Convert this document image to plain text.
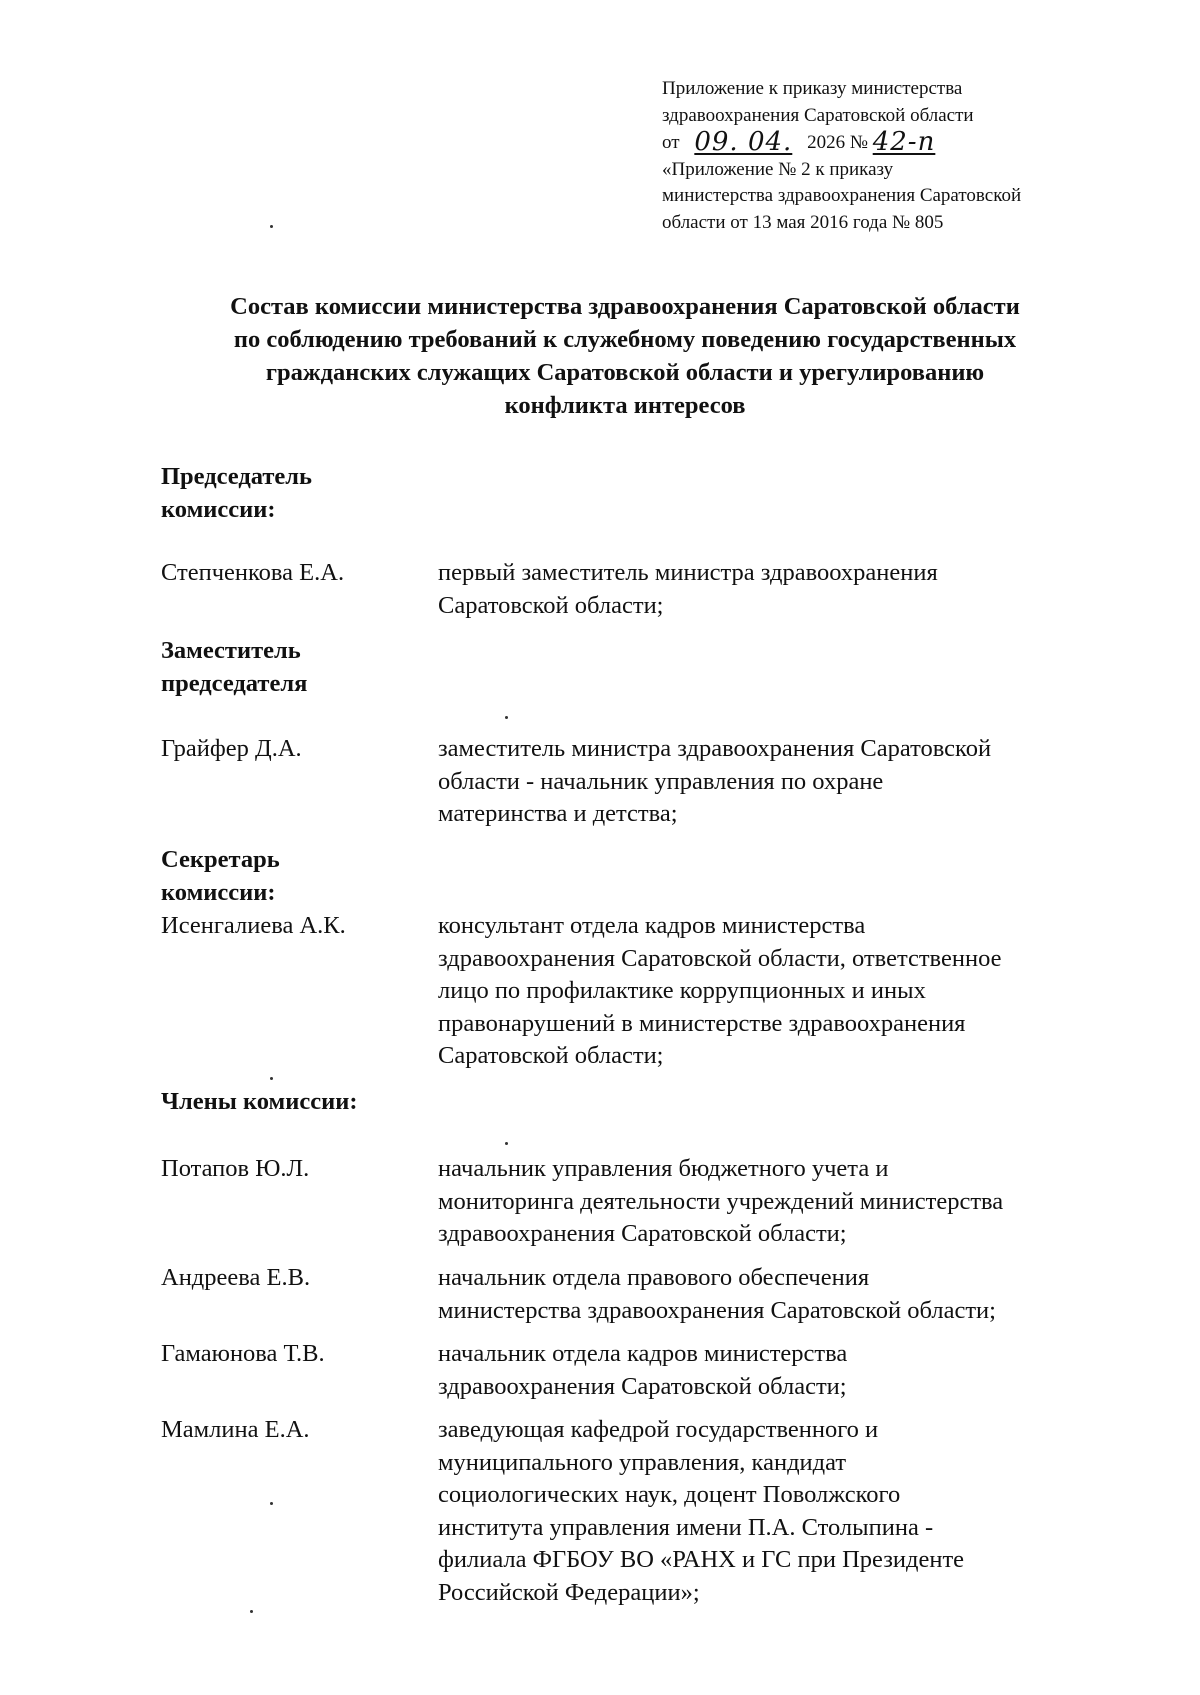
Приложение к приказу министерства
здравоохранения Саратовской области
от 09. 04. 2026 № 42-п
«Приложение № 2 к приказу
министерства здравоохранения Саратовской
области от 13 мая 2016 года № 805
Состав комиссии министерства здравоохранения Саратовской области
по соблюдению требований к служебному поведению государственных
гражданских служащих Саратовской области и урегулированию
конфликта интересов
Председатель
комиссии:
Степченкова Е.А.	первый заместитель министра здравоохранения
Саратовской области;
Заместитель
председателя
Грайфер Д.А.	заместитель министра здравоохранения Саратовской
области - начальник управления по охране
материнства и детства;
Секретарь
комиссии:
Исенгалиева А.К.	консультант отдела кадров министерства
здравоохранения Саратовской области, ответственное
лицо по профилактике коррупционных и иных
правонарушений в министерстве здравоохранения
Саратовской области;
Члены комиссии:
Потапов Ю.Л.	начальник управления бюджетного учета и
мониторинга деятельности учреждений министерства
здравоохранения Саратовской области;
Андреева Е.В.	начальник отдела правового обеспечения
министерства здравоохранения Саратовской области;
Гамаюнова Т.В.	начальник отдела кадров министерства
здравоохранения Саратовской области;
Мамлина Е.А.	заведующая кафедрой государственного и
муниципального управления, кандидат
социологических наук, доцент Поволжского
института управления имени П.А. Столыпина -
филиала ФГБОУ ВО «РАНХ и ГС при Президенте
Российской Федерации»;
